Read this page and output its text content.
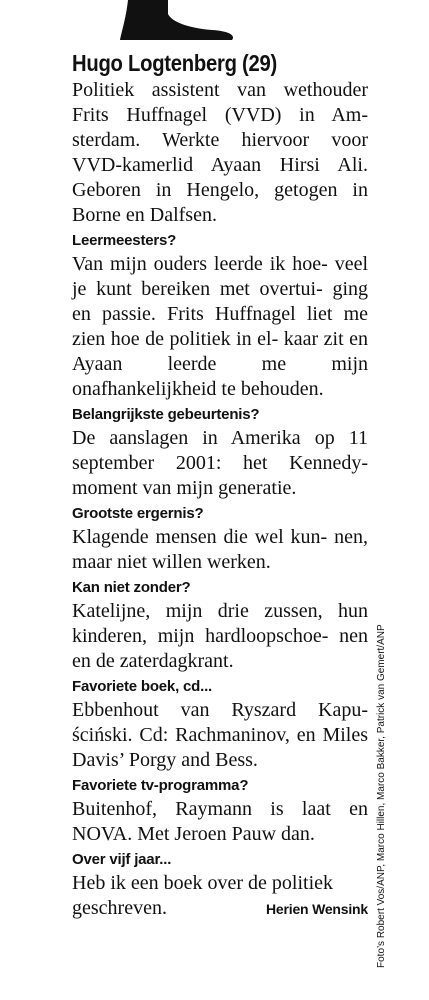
Hugo Logtenberg (29)

Politiek assistent van wethouder Frits Huffnagel (VVD) in Am- sterdam. Werkte hiervoor voor VVD-kamerlid Ayaan Hirsi Ali. Geboren in Hengelo, getogen in Borne en Dalfsen.

Leermeesters?

Van mijn ouders leerde ik hoe- veel je kunt bereiken met overtui- ging en passie. Frits Huffnagel liet me zien hoe de politiek in el- kaar zit en Ayaan leerde me mijn onafhankelijkheid te behouden.

Belangrijkste gebeurtenis?

De aanslagen in Amerika op 11 september 2001: het Kennedy- moment van mijn generatie.

Grootste ergernis?

Klagende mensen die wel kun- nen, maar niet willen werken.

Kan niet zonder?

Katelijne, mijn drie zussen, hun kinderen, mijn hardloopschoe- nen en de zaterdagkrant.

Favoriete boek, cd...

Ebbenhout van Ryszard Kapu- ściński. Cd: Rachmaninov, en Miles Davis’ Porgy and Bess.

Favoriete tv-programma?

Buitenhof, Raymann is laat en NOVA. Met Jeroen Pauw dan.

Over vijf jaar...

Heb ik een boek over de politiek

geschreven.	Herien Wensink Foto’s Robert Vos/ANP, Marco Hillen, Marco Bakker, Patrick van Gemert/ANP
